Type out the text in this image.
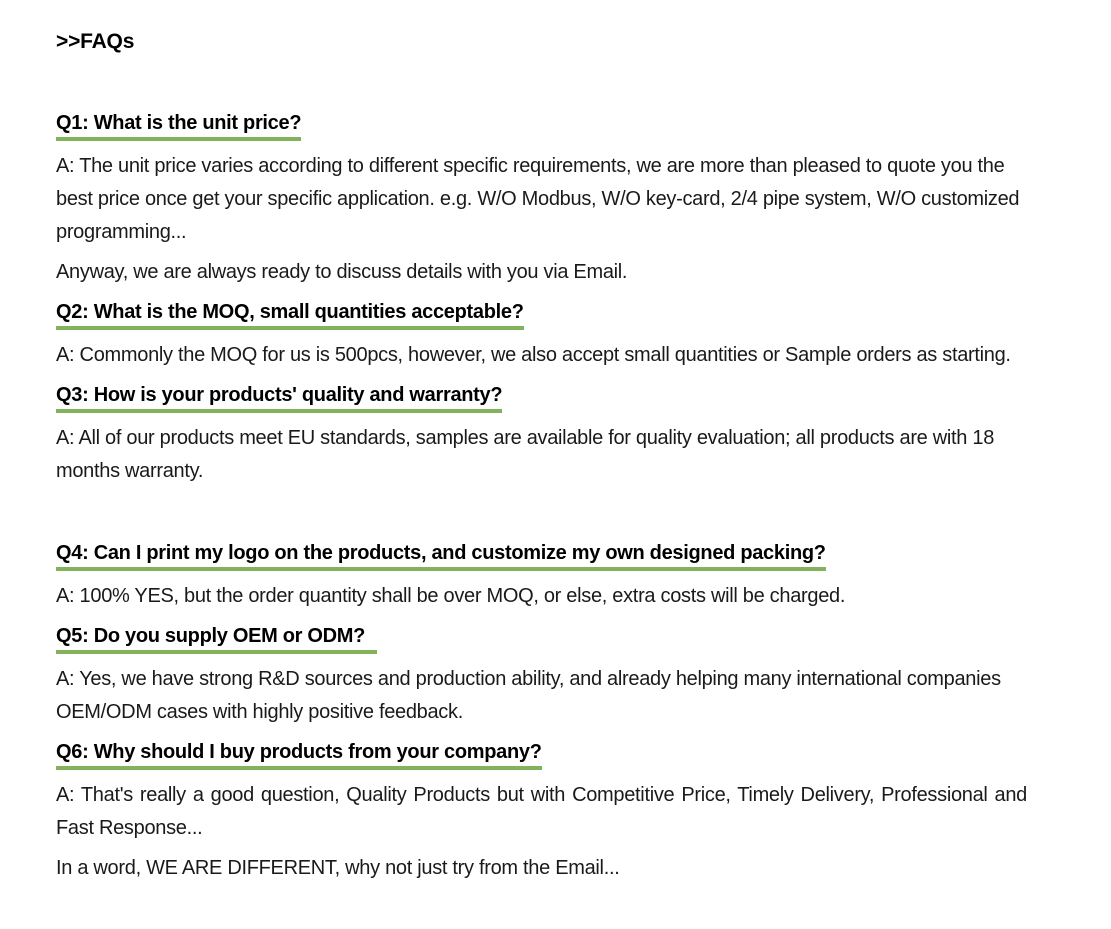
>>FAQs
Q1: What is the unit price?

A: The unit price varies according to different specific requirements, we are more than pleased to quote you the best price once get your specific application. e.g. W/O Modbus, W/O key-card, 2/4 pipe system, W/O customized programming...

Anyway, we are always ready to discuss details with you via Email.

Q2: What is the MOQ, small quantities acceptable?

A: Commonly the MOQ for us is 500pcs, however, we also accept small quantities or Sample orders as starting.

Q3: How is your products' quality and warranty?

A: All of our products meet EU standards, samples are available for quality evaluation; all products are with 18 months warranty.

Q4: Can I print my logo on the products, and customize my own designed packing?

A: 100% YES, but the order quantity shall be over MOQ, or else, extra costs will be charged.

Q5: Do you supply OEM or ODM?

A: Yes, we have strong R&D sources and production ability, and already helping many international companies OEM/ODM cases with highly positive feedback.

Q6: Why should I buy products from your company?

A: That's really a good question, Quality Products but with Competitive Price, Timely Delivery, Professional and Fast Response...

In a word, WE ARE DIFFERENT, why not just try from the Email...
